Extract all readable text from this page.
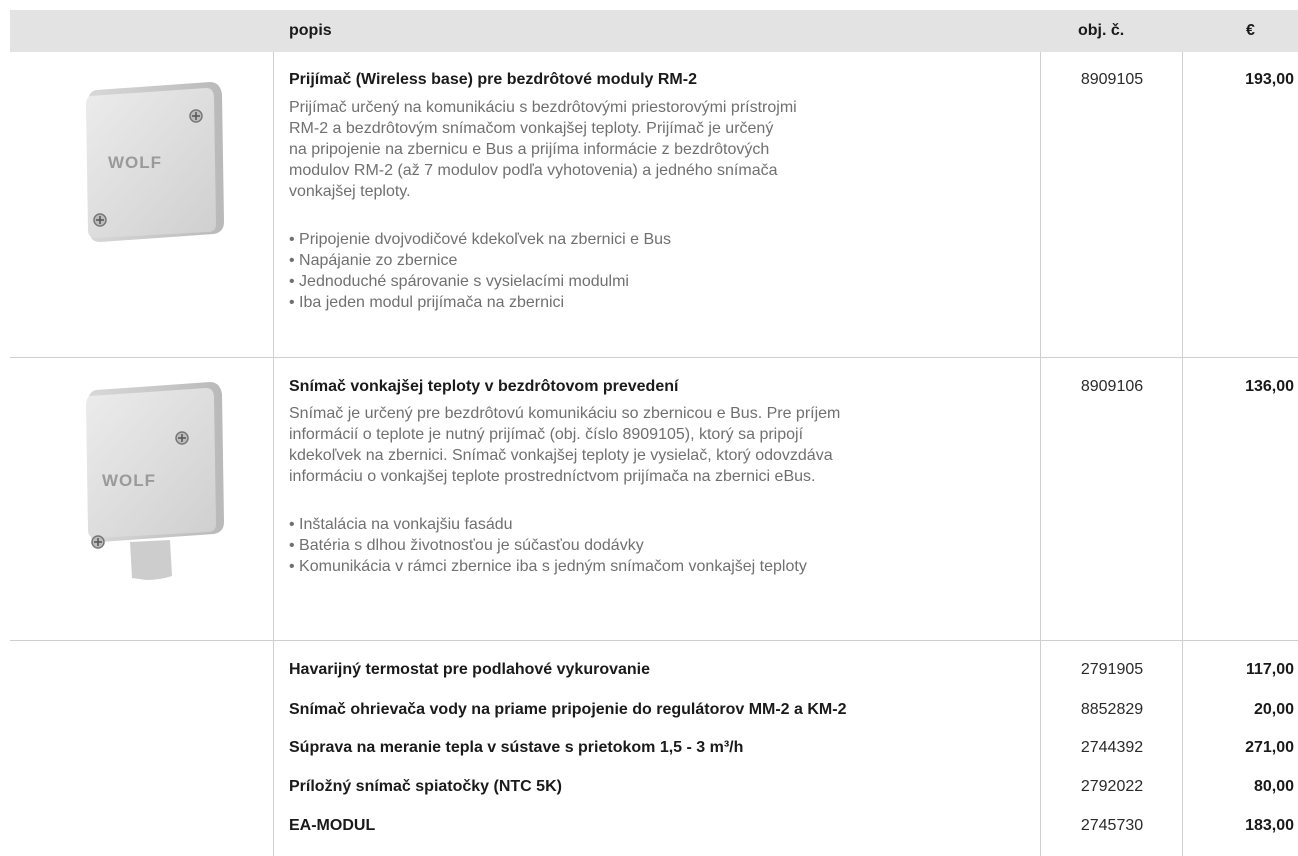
popis	obj. č.	€
WOLF
Prijímač (Wireless base) pre bezdrôtové moduly RM-2
Prijímač určený na komunikáciu s bezdrôtovými priestorovými prístrojmi
RM-2 a bezdrôtovým snímačom vonkajšej teploty. Prijímač je určený
na pripojenie na zbernicu e Bus a prijíma informácie z bezdrôtových
modulov RM-2 (až 7 modulov podľa vyhotovenia) a jedného snímača
vonkajšej teploty.
• Pripojenie dvojvodičové kdekoľvek na zbernici e Bus
• Napájanie zo zbernice
• Jednoduché spárovanie s vysielacími modulmi
• Iba jeden modul prijímača na zbernici
8909105	193,00
WOLF
Snímač vonkajšej teploty v bezdrôtovom prevedení
Snímač je určený pre bezdrôtovú komunikáciu so zbernicou e Bus. Pre príjem
informácií o teplote je nutný prijímač (obj. číslo 8909105), ktorý sa pripojí
kdekoľvek na zbernici. Snímač vonkajšej teploty je vysielač, ktorý odovzdáva
informáciu o vonkajšej teplote prostredníctvom prijímača na zbernici eBus.
• Inštalácia na vonkajšiu fasádu
• Batéria s dlhou životnosťou je súčasťou dodávky
• Komunikácia v rámci zbernice iba s jedným snímačom vonkajšej teploty
8909106	136,00
Havarijný termostat pre podlahové vykurovanie	2791905	117,00
Snímač ohrievača vody na priame pripojenie do regulátorov MM-2 a KM-2	8852829	20,00
Súprava na meranie tepla v sústave s prietokom 1,5 - 3 m³/h	2744392	271,00
Príložný snímač spiatočky (NTC 5K)	2792022	80,00
EA-MODUL	2745730	183,00
